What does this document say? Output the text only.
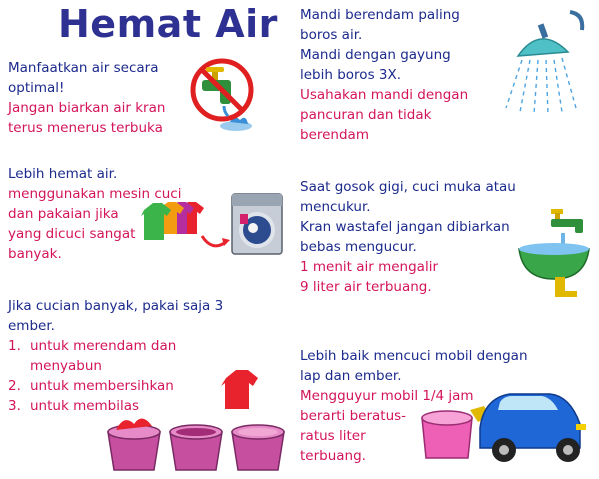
Hemat Air
Manfaatkan air secara
optimal!
Jangan biarkan air kran
terus menerus terbuka
Mandi berendam paling
boros air.
Mandi dengan gayung
lebih boros 3X.
Usahakan mandi dengan
pancuran dan tidak
berendam
Lebih hemat air.
menggunakan mesin cuci
dan pakaian jika
yang dicuci sangat
banyak.
Saat gosok gigi, cuci muka atau
mencukur.
Kran wastafel jangan dibiarkan
bebas mengucur.
1 menit air mengalir
9 liter air terbuang.
Jika cucian banyak, pakai saja 3
ember.
1. untuk merendam dan
menyabun
2. untuk membersihkan
3. untuk membilas
Lebih baik mencuci mobil dengan
lap dan ember.
Mengguyur mobil 1/4 jam
berarti beratus-
ratus liter
terbuang.
